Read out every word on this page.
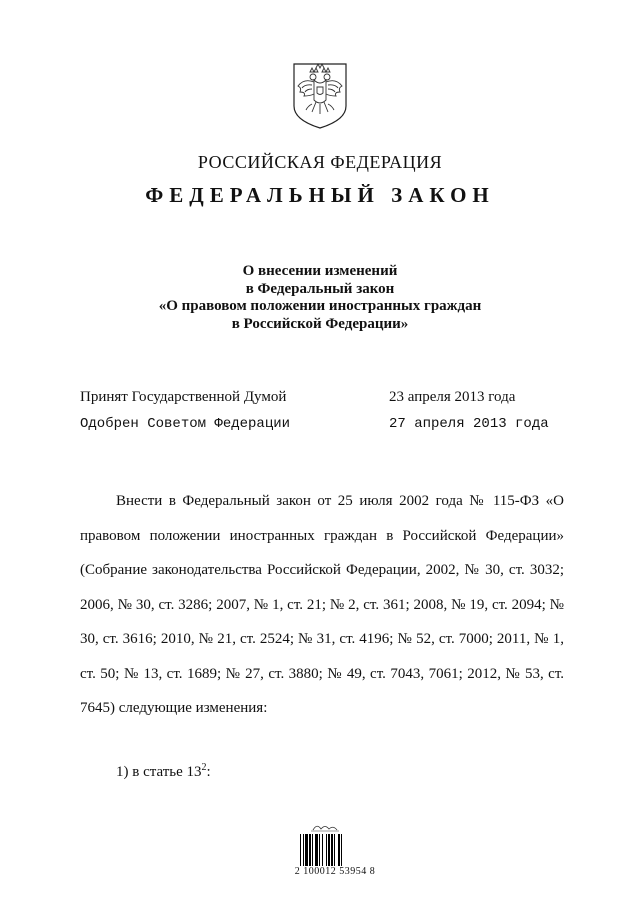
РОССИЙСКАЯ ФЕДЕРАЦИЯ
ФЕДЕРАЛЬНЫЙ ЗАКОН
О внесении изменений
в Федеральный закон
«О правовом положении иностранных граждан
в Российской Федерации»
Принят Государственной Думой	23 апреля 2013 года
Одобрен Советом Федерации	27 апреля 2013 года

Внести в Федеральный закон от 25 июля 2002 года № 115-ФЗ «О правовом положении иностранных граждан в Российской Федерации» (Собрание законодательства Российской Федерации, 2002, № 30, ст. 3032; 2006, № 30, ст. 3286; 2007, № 1, ст. 21; № 2, ст. 361; 2008, № 19, ст. 2094; № 30, ст. 3616; 2010, № 21, ст. 2524; № 31, ст. 4196; № 52, ст. 7000; 2011, № 1, ст. 50; № 13, ст. 1689; № 27, ст. 3880; № 49, ст. 7043, 7061; 2012, № 53, ст. 7645) следующие изменения:

1) в статье $13^2$:
2 100012 53954 8
